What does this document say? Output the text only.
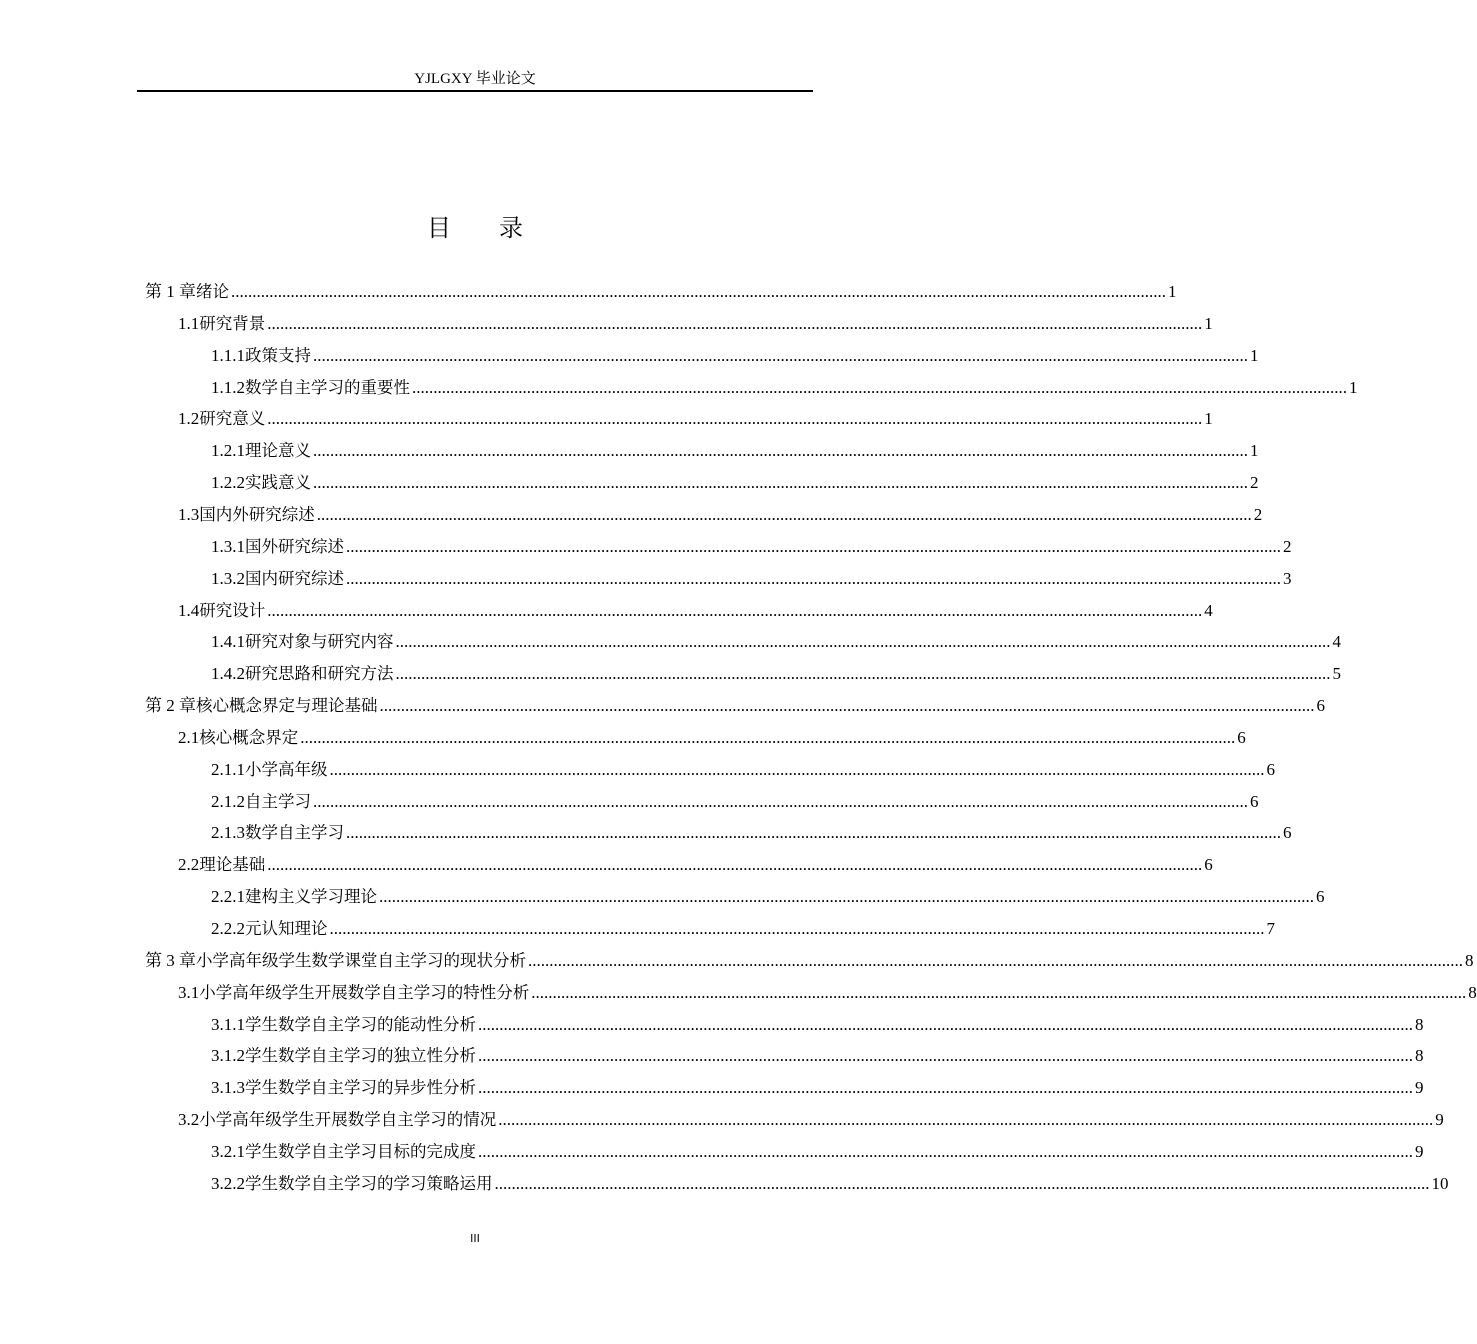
YJLGXY 毕业论文
目　　录
第 1 章 绪论 ............................................................................................................................................................................................................................ 1
1.1 研究背景 ............................................................................................................................................................................................................................ 1
1.1.1 政策支持 ............................................................................................................................................................................................................................ 1
1.1.2 数学自主学习的重要性 ............................................................................................................................................................................................................................ 1
1.2 研究意义 ............................................................................................................................................................................................................................ 1
1.2.1 理论意义 ............................................................................................................................................................................................................................ 1
1.2.2 实践意义 ............................................................................................................................................................................................................................ 2
1.3 国内外研究综述 ............................................................................................................................................................................................................................ 2
1.3.1 国外研究综述 ............................................................................................................................................................................................................................ 2
1.3.2 国内研究综述 ............................................................................................................................................................................................................................ 3
1.4 研究设计 ............................................................................................................................................................................................................................ 4
1.4.1 研究对象与研究内容 ............................................................................................................................................................................................................................ 4
1.4.2 研究思路和研究方法 ............................................................................................................................................................................................................................ 5
第 2 章 核心概念界定与理论基础 ............................................................................................................................................................................................................................ 6
2.1 核心概念界定 ............................................................................................................................................................................................................................ 6
2.1.1 小学高年级 ............................................................................................................................................................................................................................ 6
2.1.2 自主学习 ............................................................................................................................................................................................................................ 6
2.1.3 数学自主学习 ............................................................................................................................................................................................................................ 6
2.2 理论基础 ............................................................................................................................................................................................................................ 6
2.2.1 建构主义学习理论 ............................................................................................................................................................................................................................ 6
2.2.2 元认知理论 ............................................................................................................................................................................................................................ 7
第 3 章 小学高年级学生数学课堂自主学习的现状分析 ............................................................................................................................................................................................................................ 8
3.1 小学高年级学生开展数学自主学习的特性分析 ............................................................................................................................................................................................................................ 8
3.1.1 学生数学自主学习的能动性分析 ............................................................................................................................................................................................................................ 8
3.1.2 学生数学自主学习的独立性分析 ............................................................................................................................................................................................................................ 8
3.1.3 学生数学自主学习的异步性分析 ............................................................................................................................................................................................................................ 9
3.2 小学高年级学生开展数学自主学习的情况 ............................................................................................................................................................................................................................ 9
3.2.1 学生数学自主学习目标的完成度 ............................................................................................................................................................................................................................ 9
3.2.2 学生数学自主学习的学习策略运用 ............................................................................................................................................................................................................................ 10
III
